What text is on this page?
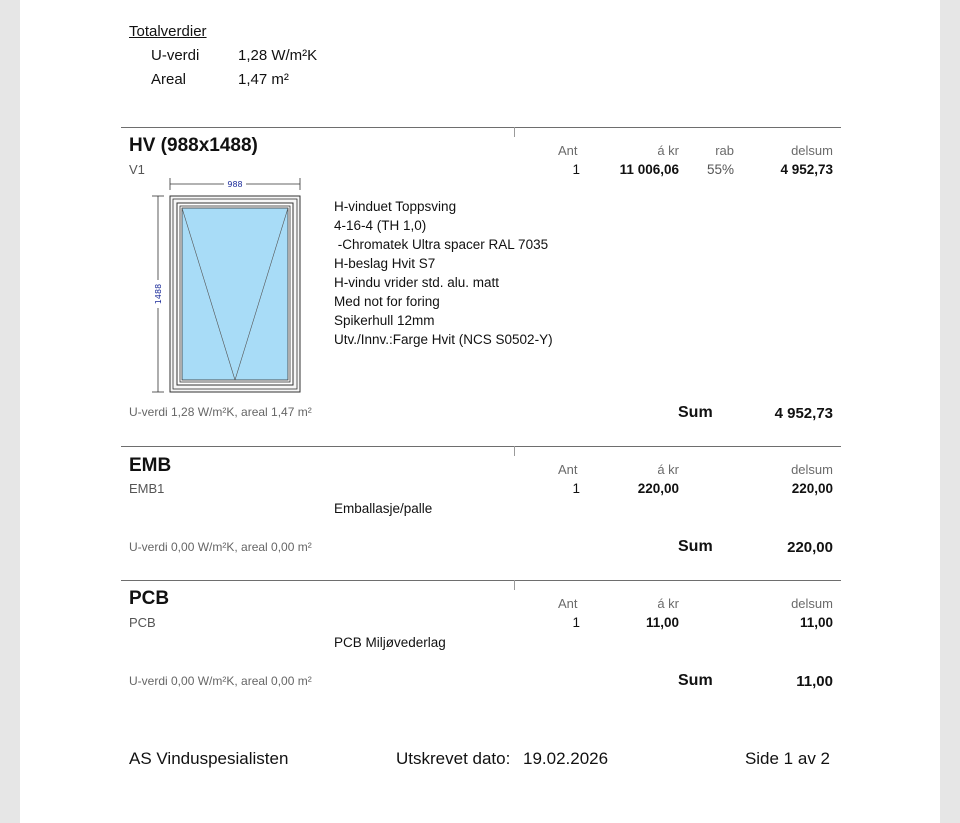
Totalverdier
U-verdi	1,28 W/m²K
Areal	1,47 m²
HV (988x1488)
V1
Ant	á kr	rab	delsum
1	11 006,06	55%	4 952,73
988
1488
H-vinduet Toppsving
4-16-4 (TH 1,0)
-Chromatek Ultra spacer RAL 7035
H-beslag Hvit S7
H-vindu vrider std. alu. matt
Med not for foring
Spikerhull 12mm
Utv./Innv.:Farge Hvit (NCS S0502-Y)
U-verdi 1,28 W/m²K, areal 1,47 m²	Sum	4 952,73
EMB
EMB1
Ant	á kr	delsum
1	220,00	220,00
Emballasje/palle
U-verdi 0,00 W/m²K, areal 0,00 m²	Sum	220,00
PCB
PCB
Ant	á kr	delsum
1	11,00	11,00
PCB Miljøvederlag
U-verdi 0,00 W/m²K, areal 0,00 m²	Sum	11,00
AS Vinduspesialisten	Utskrevet dato: 19.02.2026	Side 1 av 2
